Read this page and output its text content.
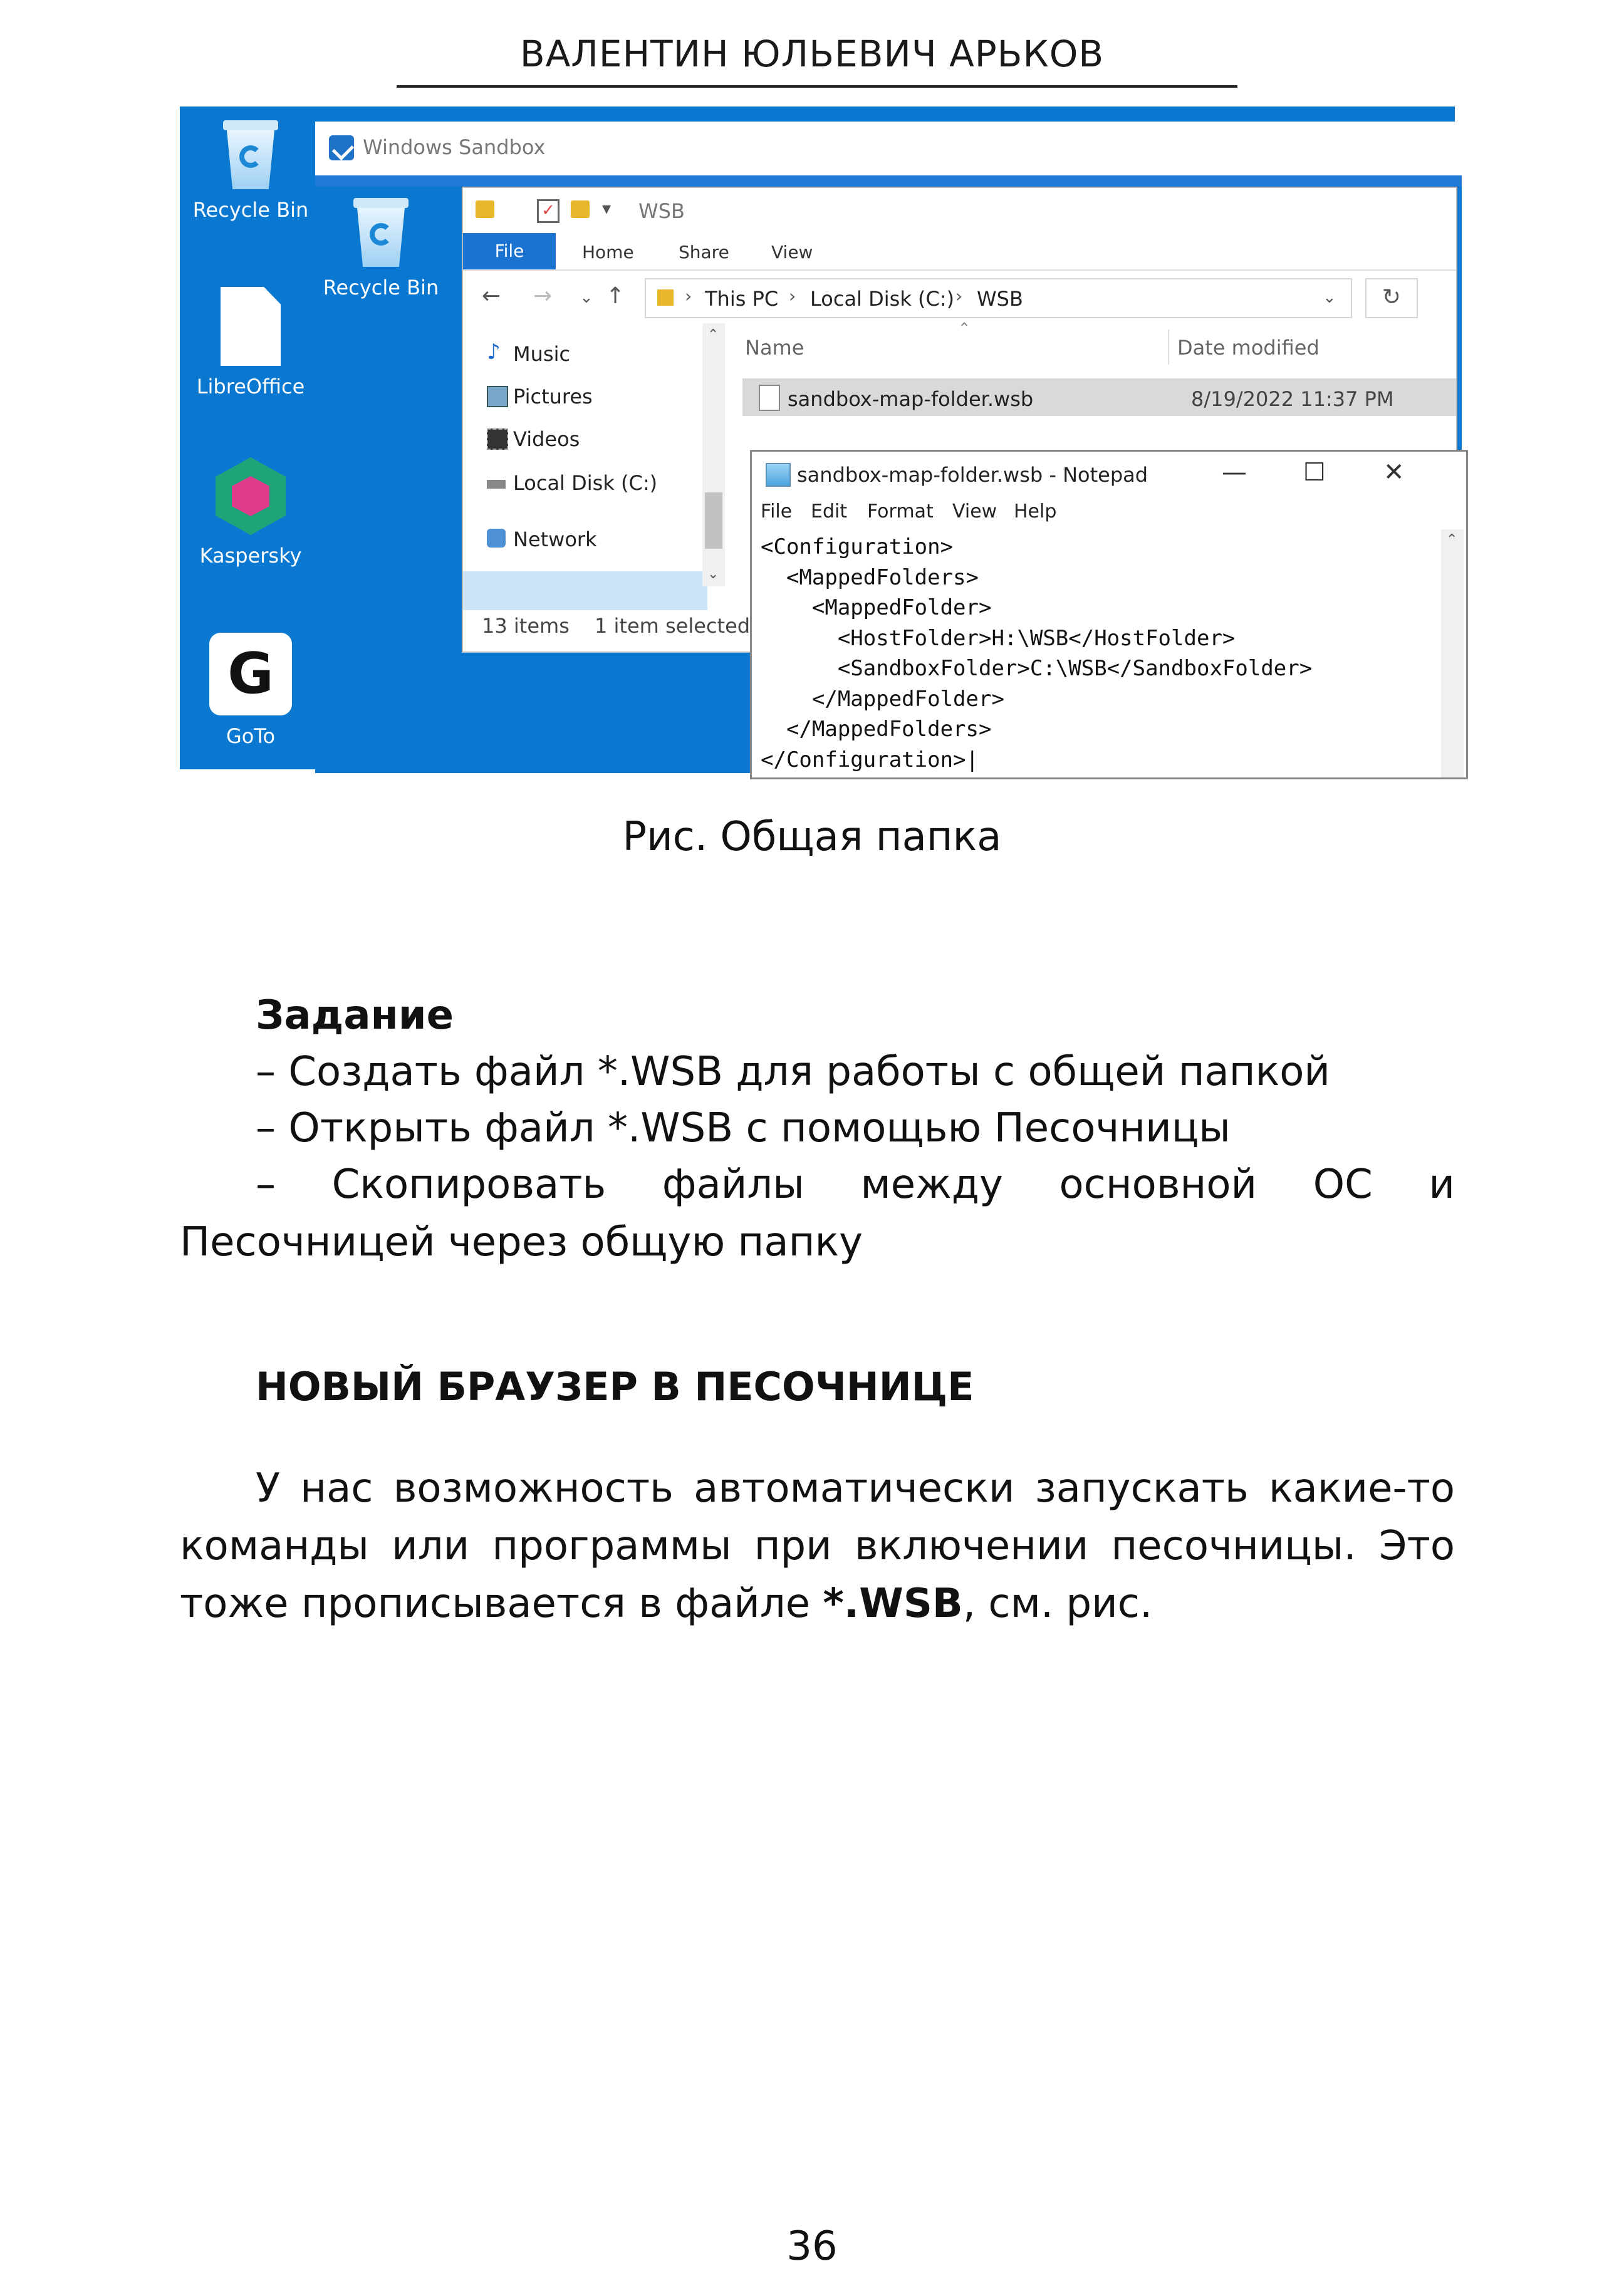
ВАЛЕНТИН ЮЛЬЕВИЧ АРЬКОВ
Recycle Bin
LibreOffice
Kaspersky
G
GoTo
Windows Sandbox
Recycle Bin
✓	▾ WSB
File	Home	Share View
← → ⌄ ↑	› This PC › Local Disk (C:) › WSB	⌄	↻
♪ Music
Pictures
Videos
Local Disk (C:)
Network
⌃
⌄
⌃
Name	Date modified
sandbox-map-folder.wsb	8/19/2022 11:37 PM
13 items 1 item selected
sandbox-map-folder.wsb - Notepad	— ☐ ✕
File Edit Format View Help
<Configuration>
<MappedFolders>
<MappedFolder>
<HostFolder>H:\WSB</HostFolder>
<SandboxFolder>C:\WSB</SandboxFolder>
</MappedFolder>
</MappedFolders>
</Configuration>|
⌃
Рис. Общая папка
Задание
– Создать файл *.WSB для работы с общей папкой
– Открыть файл *.WSB с помощью Песочницы
– Скопировать файлы между основной ОС и Песочницей через общую папку
НОВЫЙ БРАУЗЕР В ПЕСОЧНИЦЕ
У нас возможность автоматически запускать какие-то команды или программы при включении песочницы. Это тоже прописывается в файле *.WSB, см. рис.
36
